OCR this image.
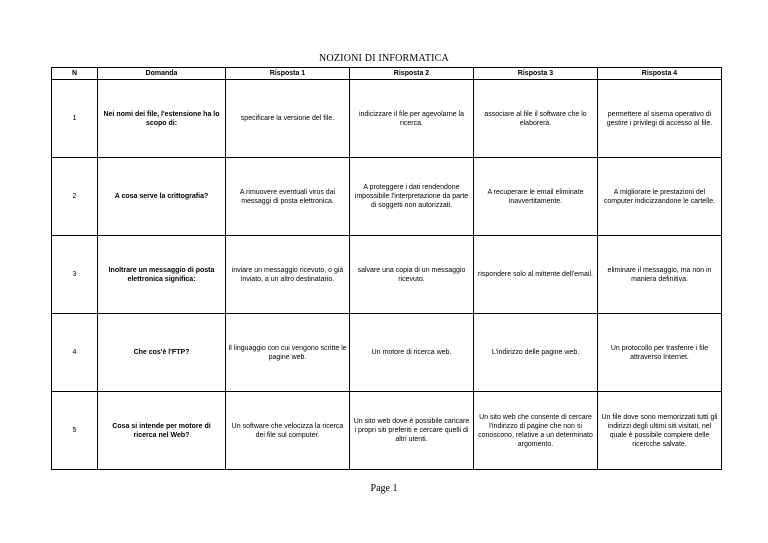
NOZIONI DI INFORMATICA
N	Domanda	Risposta 1	Risposta 2	Risposta 3	Risposta 4
1	Nei nomi dei file, l'estensione ha lo scopo di:	specificare la versione del file.	indicizzare il file per agevolarne la ricerca.	associare al file il software che lo elaborerà.	permettere al sisema operativo di gestire i privilegi di accesso al file.
2	A cosa serve la crittografia?	A rimuovere eventuali virus dai messaggi di posta elettronica.	A proteggere i dati rendendone impossibile l'interpretazione da parte di soggetti non autorizzati.	A recuperare le email eliminate inavvertitamente.	A migliorare le prestazioni del computer indicizzandone le cartelle.
3	Inoltrare un messaggio di posta elettronica significa:	inviare un messaggio ricevuto, o già inviato, a un altro destinatario.	salvare una copia di un messaggio ricevuto.	rispondere solo al mittente dell'email.	eliminare il messaggio, ma non in maniera definitiva.
4	Che cos'è l'FTP?	Il linguaggio con cui vengono scritte le pagine web.	Un motore di ricerca web.	L'indirizzo delle pagine web.	Un protocollo per trasferire i file attraverso Internet.
5	Cosa si intende per motore di ricerca nel Web?	Un software che velocizza la ricerca dei file sul computer.	Un sito web dove è possibile caricare i propri siti preferiti e cercare quelli di altri utenti.	Un sito web che consente di cercare l'indirizzo di pagine che non si conoscono, relative a un determinato argomento.	Un file dove sono memorizzati tutti gli indirizzi degli ultimi siti visitati, nel quale è possibile compiere delle ricercche salvate.
Page 1
